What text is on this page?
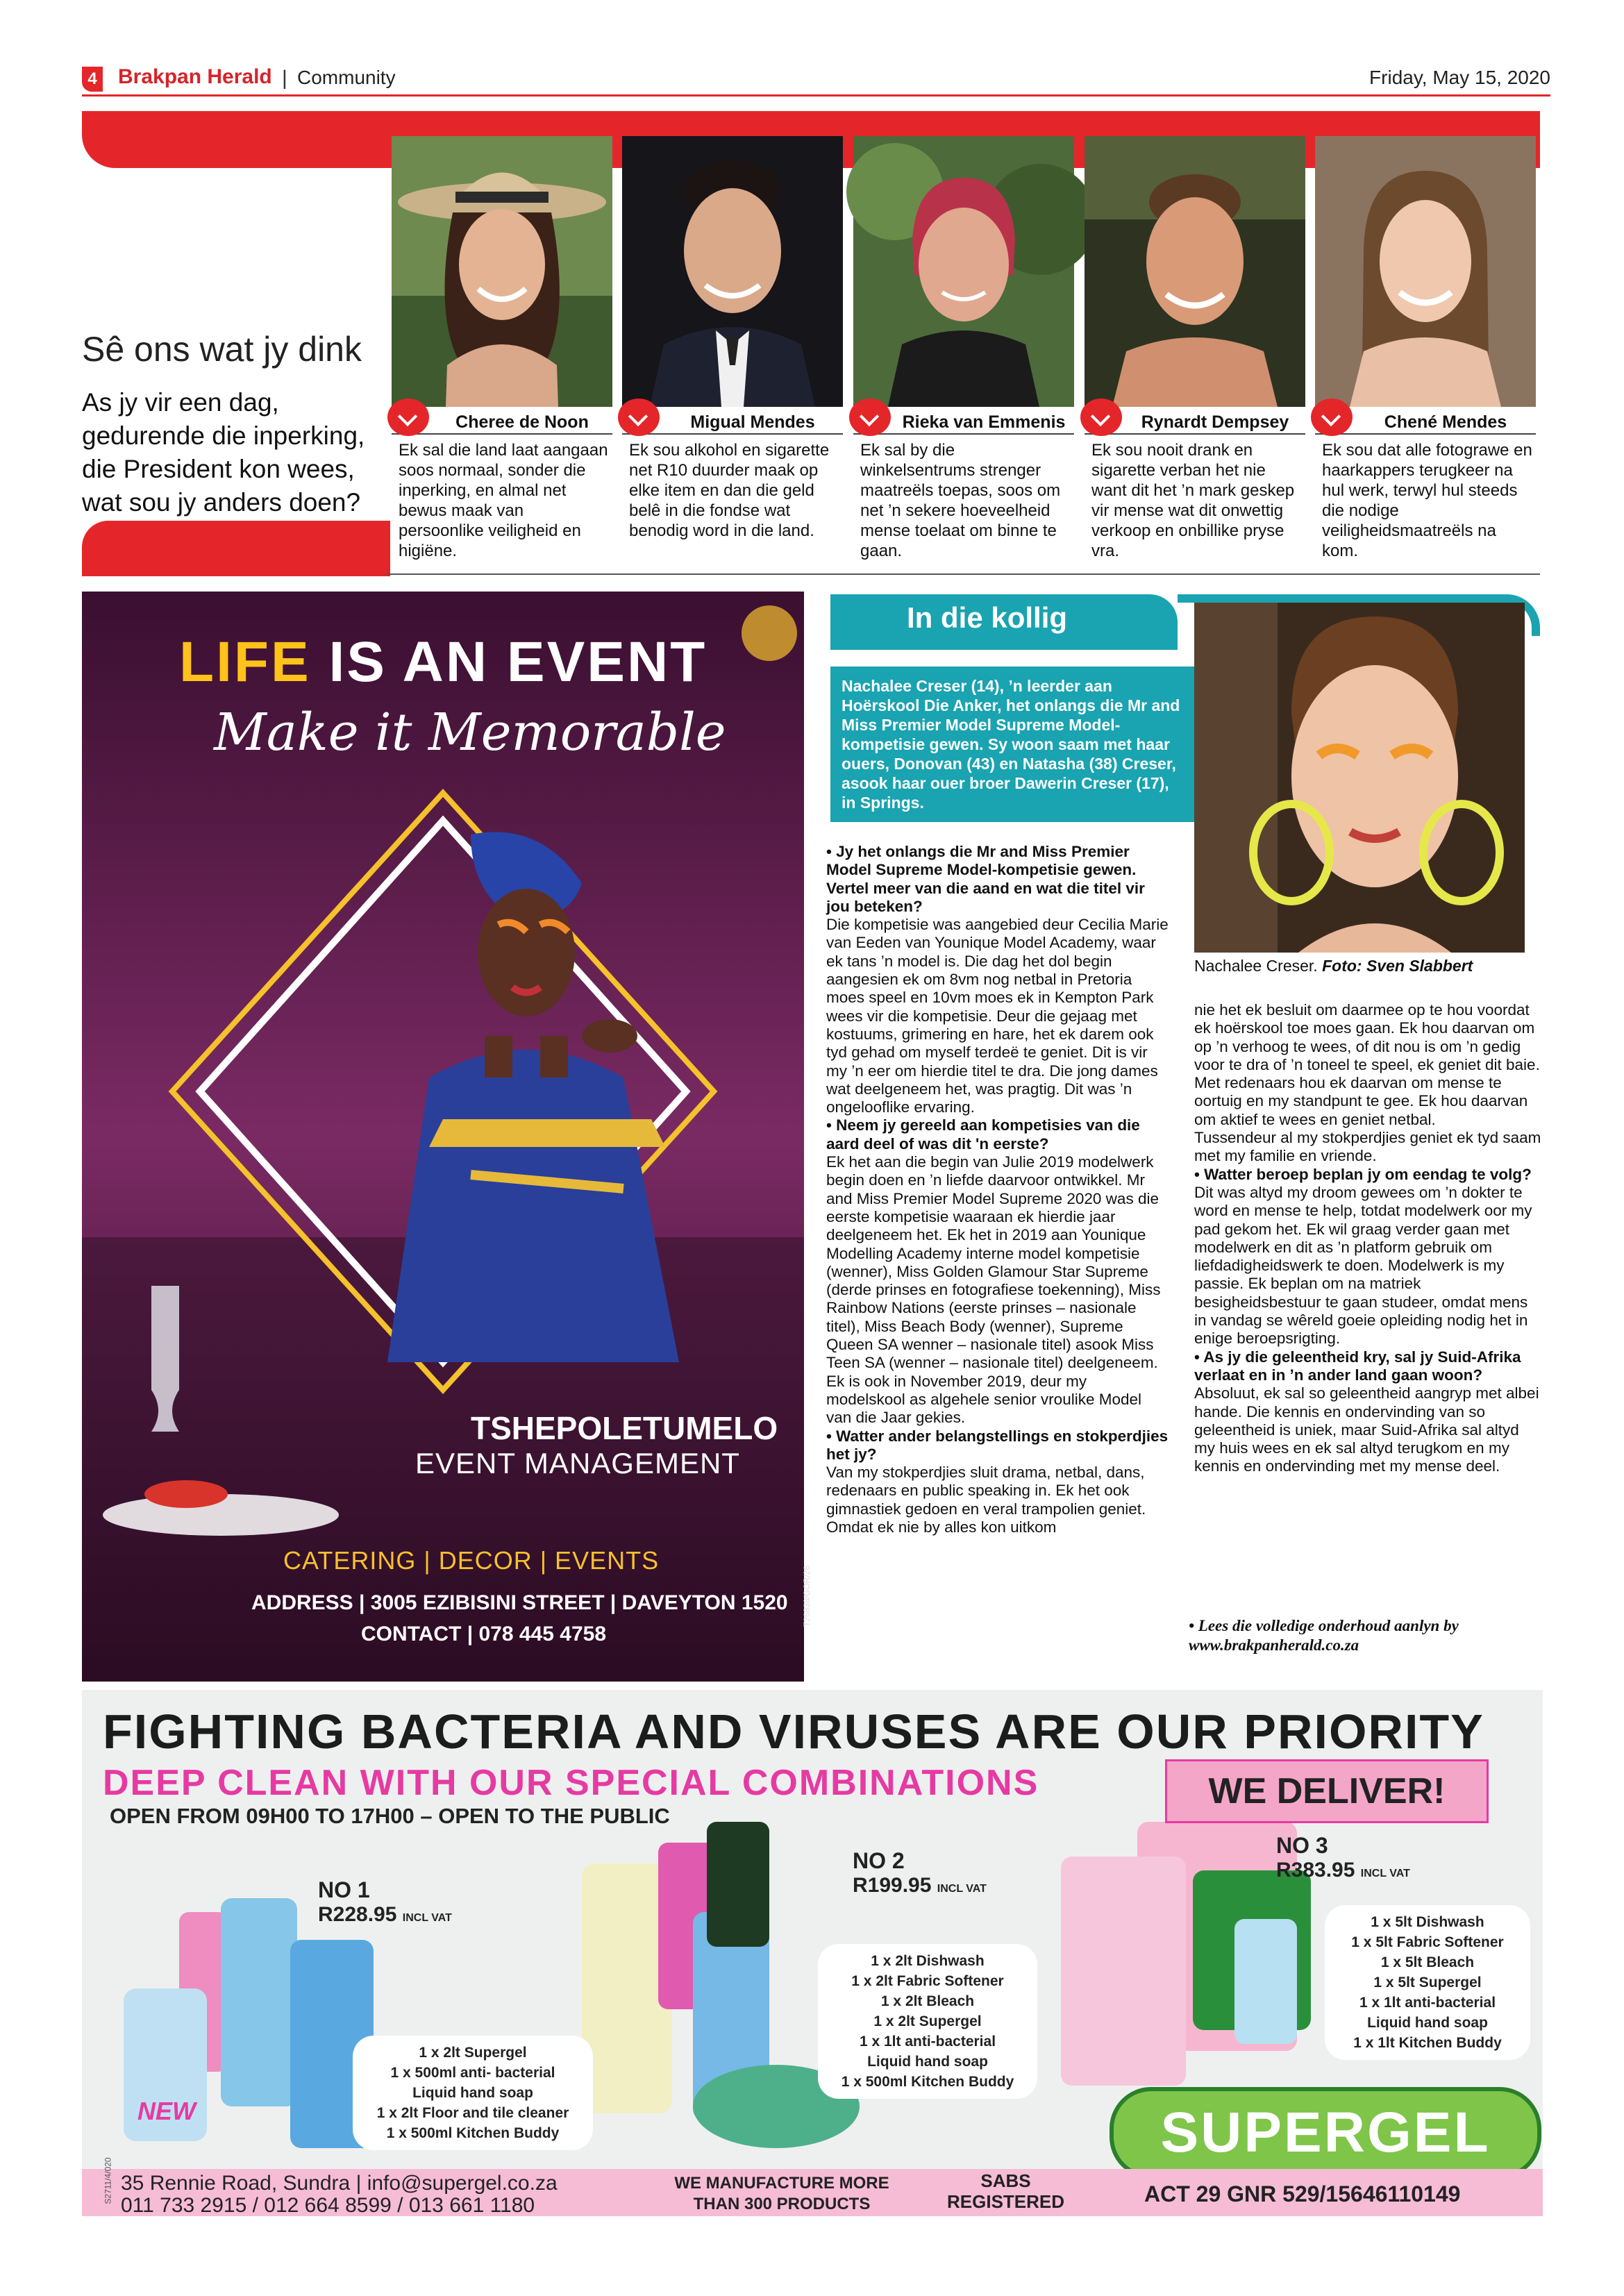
4 Brakpan Herald | Community	Friday, May 15, 2020
Sê ons wat jy dink
As jy vir een dag, gedurende die inperking, die President kon wees, wat sou jy anders doen?
Cheree de Noon
Ek sal die land laat aangaan soos normaal, sonder die inperking, en almal net bewus maak van persoonlike veiligheid en higiëne.
Migual Mendes
Ek sou alkohol en sigarette net R10 duurder maak op elke item en dan die geld belê in die fondse wat benodig word in die land.
Rieka van Emmenis
Ek sal by die winkelsentrums strenger maatreëls toepas, soos om net ’n sekere hoeveelheid mense toelaat om binne te gaan.
Rynardt Dempsey
Ek sou nooit drank en sigarette verban het nie want dit het ’n mark geskep vir mense wat dit onwettig verkoop en onbillike pryse vra.
Chené Mendes
Ek sou dat alle fotograwe en haarkappers terugkeer na hul werk, terwyl hul steeds die nodige veiligheidsmaatreëls na kom.
LIFE IS AN EVENT
Make it Memorable
TSHEPOLETUMELO
EVENT MANAGEMENT
CATERING | DECOR | EVENTS
ADDRESS | 3005 EZIBISINI STREET | DAVEYTON 1520
CONTACT | 078 445 4758
T26838/GOR/26
In die kollig
Nachalee Creser (14), ’n leerder aan Hoërskool Die Anker, het onlangs die Mr and Miss Premier Model Supreme Model-kompetisie gewen. Sy woon saam met haar ouers, Donovan (43) en Natasha (38) Creser, asook haar ouer broer Dawerin Creser (17), in Springs.
Nachalee Creser. Foto: Sven Slabbert

• Jy het onlangs die Mr and Miss Premier Model Supreme Model-kompetisie gewen. Vertel meer van die aand en wat die titel vir jou beteken?

Die kompetisie was aangebied deur Cecilia Marie van Eeden van Younique Model Academy, waar ek tans ’n model is. Die dag het dol begin aangesien ek om 8vm nog netbal in Pretoria moes speel en 10vm moes ek in Kempton Park wees vir die kompetisie. Deur die gejaag met kostuums, grimering en hare, het ek darem ook tyd gehad om myself terdeë te geniet. Dit is vir my ’n eer om hierdie titel te dra. Die jong dames wat deelgeneem het, was pragtig. Dit was ’n ongelooflike ervaring.

• Neem jy gereeld aan kompetisies van die aard deel of was dit 'n eerste?

Ek het aan die begin van Julie 2019 modelwerk begin doen en ’n liefde daarvoor ontwikkel. Mr and Miss Premier Model Supreme 2020 was die eerste kompetisie waaraan ek hierdie jaar deelgeneem het. Ek het in 2019 aan Younique Modelling Academy interne model kompetisie (wenner), Miss Golden Glamour Star Supreme (derde prinses en fotografiese toekenning), Miss Rainbow Nations (eerste prinses – nasionale titel), Miss Beach Body (wenner), Supreme Queen SA wenner – nasionale titel) asook Miss Teen SA (wenner – nasionale titel) deelgeneem. Ek is ook in November 2019, deur my modelskool as algehele senior vroulike Model van die Jaar gekies.

• Watter ander belangstellings en stokperdjies het jy?

Van my stokperdjies sluit drama, netbal, dans, redenaars en public speaking in. Ek het ook gimnastiek gedoen en veral trampolien geniet. Omdat ek nie by alles kon uitkom

nie het ek besluit om daarmee op te hou voordat ek hoërskool toe moes gaan. Ek hou daarvan om op ’n verhoog te wees, of dit nou is om ’n gedig voor te dra of ’n toneel te speel, ek geniet dit baie. Met redenaars hou ek daarvan om mense te oortuig en my standpunt te gee. Ek hou daarvan om aktief te wees en geniet netbal.

Tussendeur al my stokperdjies geniet ek tyd saam met my familie en vriende.

• Watter beroep beplan jy om eendag te volg?

Dit was altyd my droom gewees om ’n dokter te word en mense te help, totdat modelwerk oor my pad gekom het. Ek wil graag verder gaan met modelwerk en dit as ’n platform gebruik om liefdadigheidswerk te doen. Modelwerk is my passie. Ek beplan om na matriek besigheidsbestuur te gaan studeer, omdat mens in vandag se wêreld goeie opleiding nodig het in enige beroepsrigting.

• As jy die geleentheid kry, sal jy Suid-Afrika verlaat en in ’n ander land gaan woon?

Absoluut, ek sal so geleentheid aangryp met albei hande. Die kennis en ondervinding van so geleentheid is uniek, maar Suid-Afrika sal altyd my huis wees en ek sal altyd terugkom en my kennis en ondervinding met my mense deel.

• Lees die volledige onderhoud aanlyn by www.brakpanherald.co.za
FIGHTING BACTERIA AND VIRUSES ARE OUR PRIORITY
DEEP CLEAN WITH OUR SPECIAL COMBINATIONS
OPEN FROM 09H00 TO 17H00 – OPEN TO THE PUBLIC
WE DELIVER!
NO 1
R228.95 INCL VAT
1 x 2lt Supergel
1 x 500ml anti- bacterial
Liquid hand soap
1 x 2lt Floor and tile cleaner
1 x 500ml Kitchen Buddy
NEW
NO 2
R199.95 INCL VAT
1 x 2lt Dishwash
1 x 2lt Fabric Softener
1 x 2lt Bleach
1 x 2lt Supergel
1 x 1lt anti-bacterial
Liquid hand soap
1 x 500ml Kitchen Buddy
NO 3
R383.95 INCL VAT
1 x 5lt Dishwash
1 x 5lt Fabric Softener
1 x 5lt Bleach
1 x 5lt Supergel
1 x 1lt anti-bacterial
Liquid hand soap
1 x 1lt Kitchen Buddy
SUPERGEL
35 Rennie Road, Sundra | info@supergel.co.za
011 733 2915 / 012 664 8599 / 013 661 1180
WE MANUFACTURE MORE THAN 300 PRODUCTS
SABS
REGISTERED	ACT 29 GNR 529/15646110149
S2711/4/020
